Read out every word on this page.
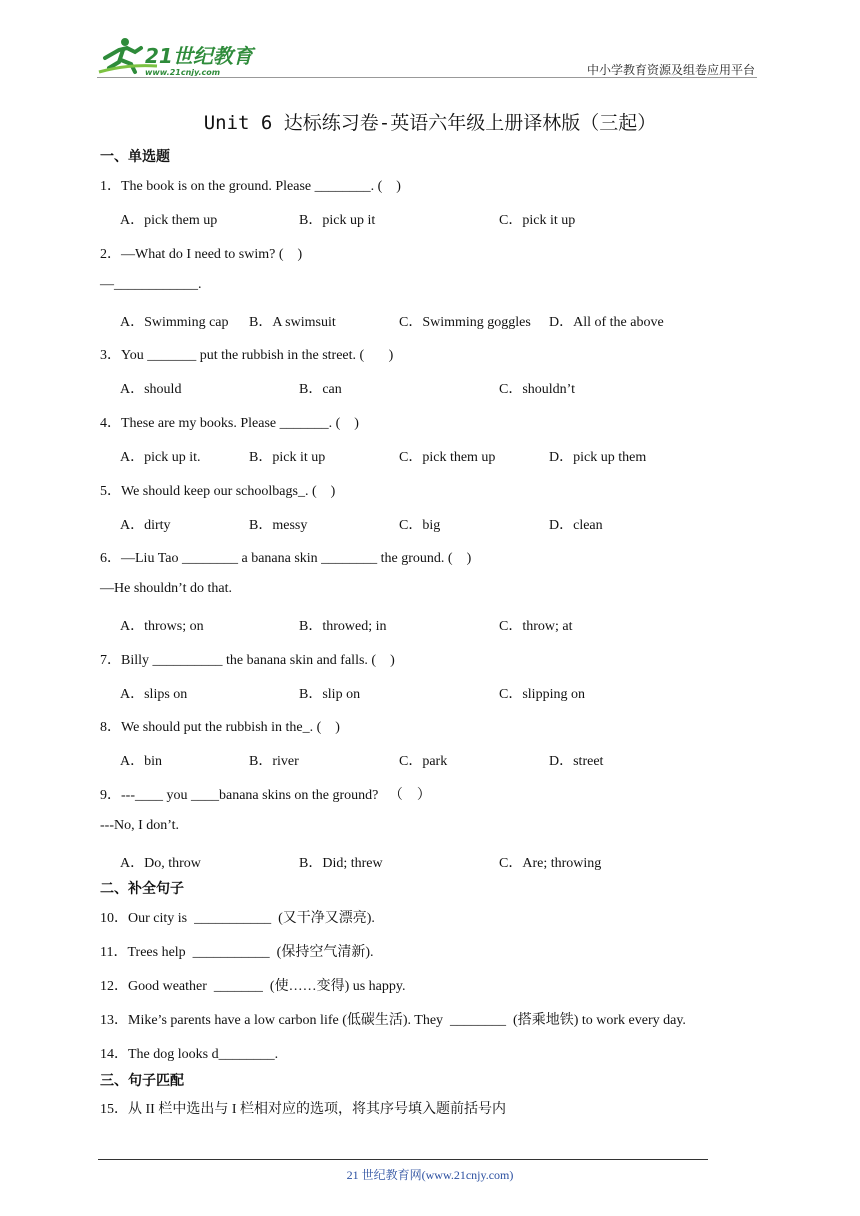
21世纪教育
www.21cnjy.com	中小学教育资源及组卷应用平台
Unit 6 达标练习卷-英语六年级上册译林版（三起）
一、单选题
1．The book is on the ground. Please ________. (    )
A．pick them up	B．pick up it	C．pick it up
2．—What do I need to swim? (    )
—____________.
A．Swimming cap B．A swimsuit	C．Swimming goggles D．All of the above
3．You _______ put the rubbish in the street. (       )
A．should	B．can	C．shouldn’t
4．These are my books. Please _______. (    )
A．pick up it.	B．pick it up	C．pick them up	D．pick up them
5．We should keep our schoolbags_. (    )
A．dirty	B．messy	C．big	D．clean
6．—Liu Tao ________ a banana skin ________ the ground. (    )
—He shouldn’t do that.
A．throws; on	B．throwed; in	C．throw; at
7．Billy __________ the banana skin and falls. (    )
A．slips on	B．slip on	C．slipping on
8．We should put the rubbish in the_. (    )
A．bin	B．river	C．park	D．street
9．---____ you ____banana skins on the ground?   （    ）
---No, I don’t.
A．Do, throw	B．Did; threw	C．Are; throwing
二、补全句子
10．Our city is  ___________  (又干净又漂亮).
11．Trees help  ___________  (保持空气清新).
12．Good weather  _______  (使……变得) us happy.
13．Mike’s parents have a low carbon life (低碳生活). They  ________  (搭乘地铁) to work every day.
14．The dog looks d________.
三、句子匹配
15．从 II 栏中选出与 I 栏相对应的选项，将其序号填入题前括号内
21 世纪教育网(www.21cnjy.com)
